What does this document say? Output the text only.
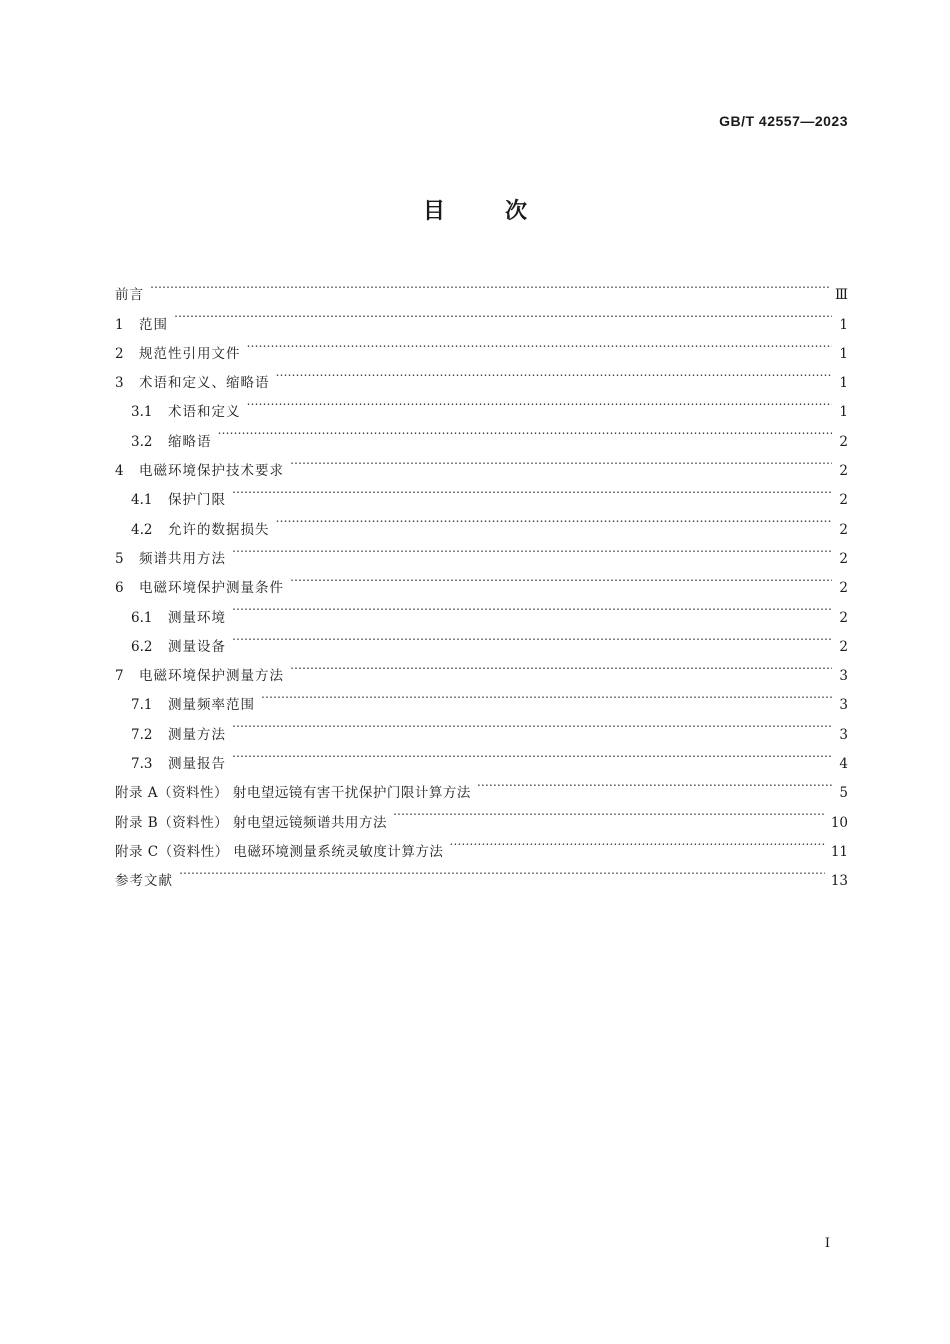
GB/T 42557—2023
目次
前言 …………………………………………………………………………………………………………………………………………………………………………………………………………………………………………………………………………………………………………	Ⅲ
1	范围 …………………………………………………………………………………………………………………………………………………………………………………………………………………………………………………………………………………………………………	1
2	规范性引用文件 …………………………………………………………………………………………………………………………………………………………………………………………………………………………………………………………………………………………………………	1
3	术语和定义、缩略语 …………………………………………………………………………………………………………………………………………………………………………………………………………………………………………………………………………………………………………	1
3.1	术语和定义 …………………………………………………………………………………………………………………………………………………………………………………………………………………………………………………………………………………………………………	1
3.2	缩略语 …………………………………………………………………………………………………………………………………………………………………………………………………………………………………………………………………………………………………………	2
4	电磁环境保护技术要求 …………………………………………………………………………………………………………………………………………………………………………………………………………………………………………………………………………………………………………	2
4.1	保护门限 …………………………………………………………………………………………………………………………………………………………………………………………………………………………………………………………………………………………………………	2
4.2	允许的数据损失 …………………………………………………………………………………………………………………………………………………………………………………………………………………………………………………………………………………………………………	2
5	频谱共用方法 …………………………………………………………………………………………………………………………………………………………………………………………………………………………………………………………………………………………………………	2
6	电磁环境保护测量条件 …………………………………………………………………………………………………………………………………………………………………………………………………………………………………………………………………………………………………………	2
6.1	测量环境 …………………………………………………………………………………………………………………………………………………………………………………………………………………………………………………………………………………………………………	2
6.2	测量设备 …………………………………………………………………………………………………………………………………………………………………………………………………………………………………………………………………………………………………………	2
7	电磁环境保护测量方法 …………………………………………………………………………………………………………………………………………………………………………………………………………………………………………………………………………………………………………	3
7.1	测量频率范围 …………………………………………………………………………………………………………………………………………………………………………………………………………………………………………………………………………………………………………	3
7.2	测量方法 …………………………………………………………………………………………………………………………………………………………………………………………………………………………………………………………………………………………………………	3
7.3	测量报告 …………………………………………………………………………………………………………………………………………………………………………………………………………………………………………………………………………………………………………	4
附录 A（资料性） 射电望远镜有害干扰保护门限计算方法 …………………………………………………………………………………………………………………………………………………………………………………………………………………………………………………………………………………………………………	5
附录 B（资料性） 射电望远镜频谱共用方法 …………………………………………………………………………………………………………………………………………………………………………………………………………………………………………………………………………………………………………	10
附录 C（资料性） 电磁环境测量系统灵敏度计算方法 …………………………………………………………………………………………………………………………………………………………………………………………………………………………………………………………………………………………………………	11
参考文献 …………………………………………………………………………………………………………………………………………………………………………………………………………………………………………………………………………………………………………	13
Ⅰ
